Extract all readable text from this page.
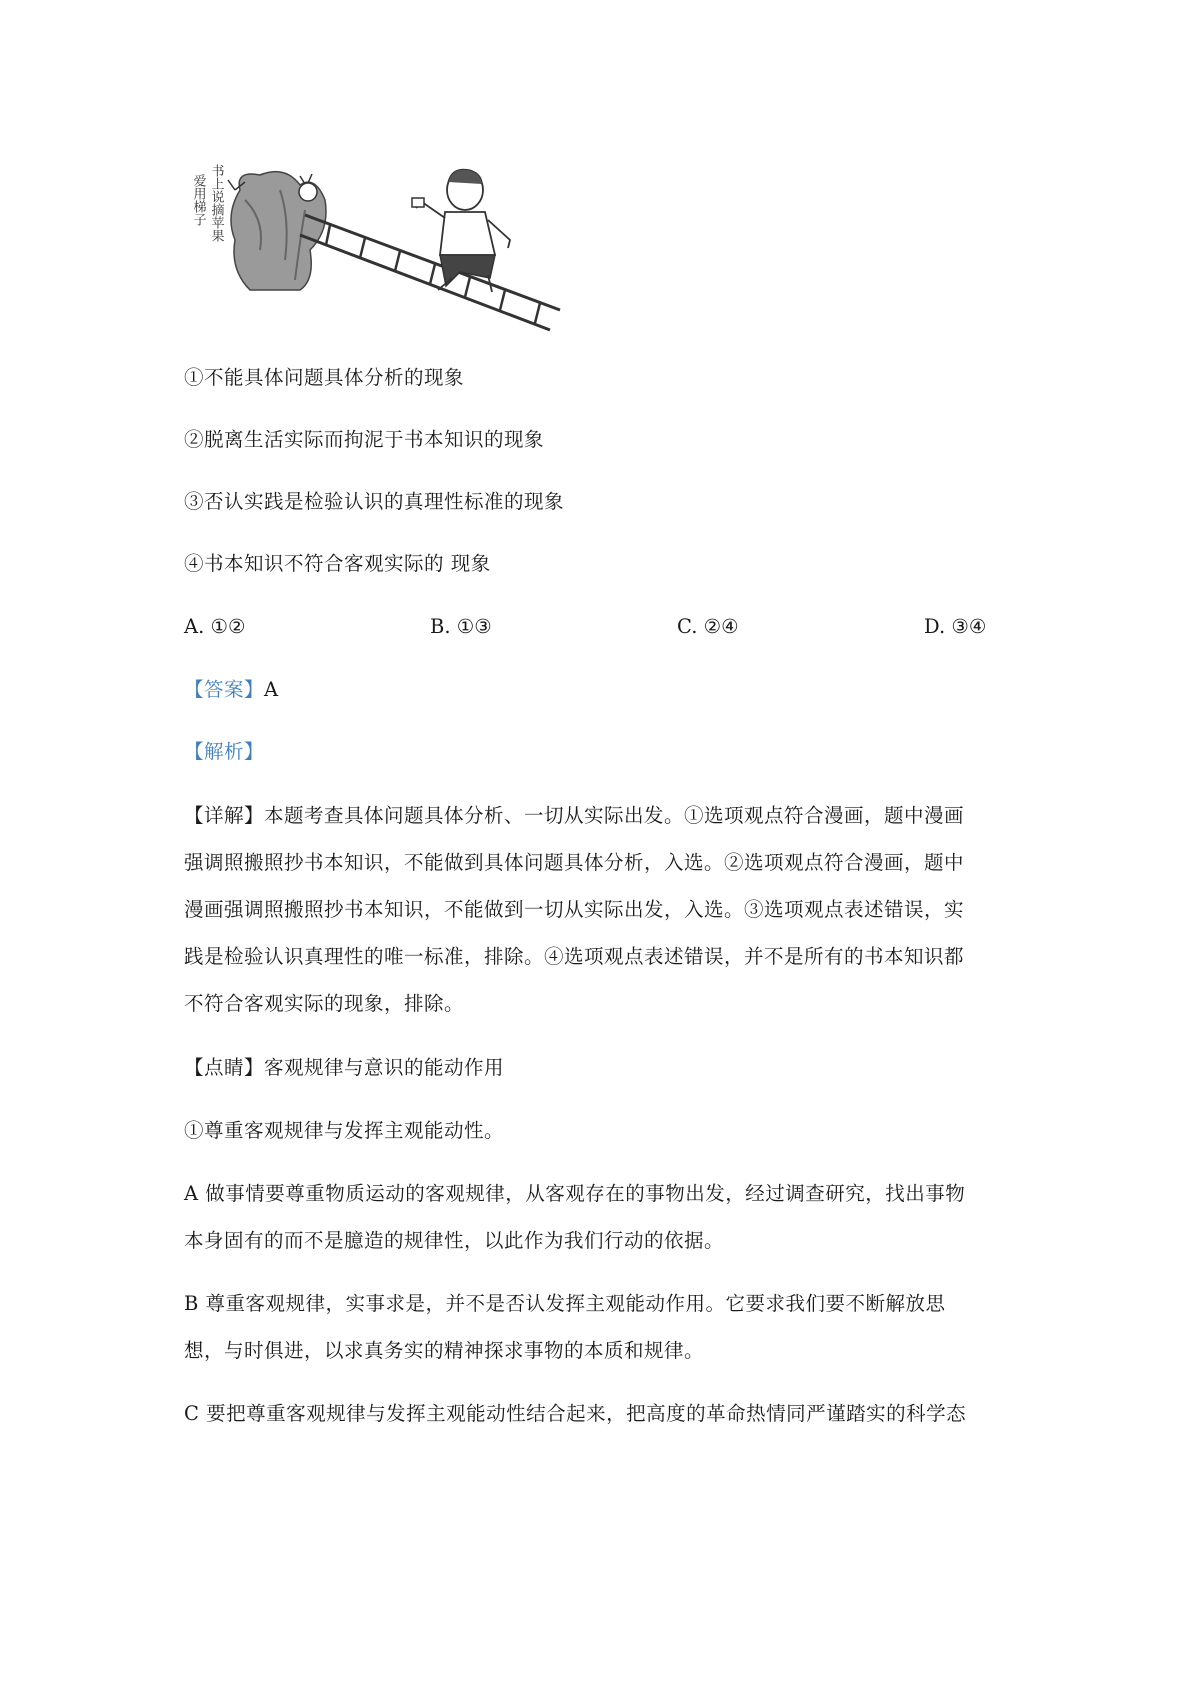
爱用梯子 书上说摘苹果
①不能具体问题具体分析的现象
②脱离生活实际而拘泥于书本知识的现象
③否认实践是检验认识的真理性标准的现象
④书本知识不符合客观实际的 现象
A. ①②	B. ①③	C. ②④	D. ③④
【答案】A
【解析】
【详解】本题考查具体问题具体分析、一切从实际出发。①选项观点符合漫画，题中漫画
强调照搬照抄书本知识，不能做到具体问题具体分析，入选。②选项观点符合漫画，题中
漫画强调照搬照抄书本知识，不能做到一切从实际出发，入选。③选项观点表述错误，实
践是检验认识真理性的唯一标准，排除。④选项观点表述错误，并不是所有的书本知识都
不符合客观实际的现象，排除。
【点睛】客观规律与意识的能动作用
①尊重客观规律与发挥主观能动性。
A 做事情要尊重物质运动的客观规律，从客观存在的事物出发，经过调查研究，找出事物
本身固有的而不是臆造的规律性，以此作为我们行动的依据。
B 尊重客观规律，实事求是，并不是否认发挥主观能动作用。它要求我们要不断解放思
想，与时俱进，以求真务实的精神探求事物的本质和规律。
C 要把尊重客观规律与发挥主观能动性结合起来，把高度的革命热情同严谨踏实的科学态
